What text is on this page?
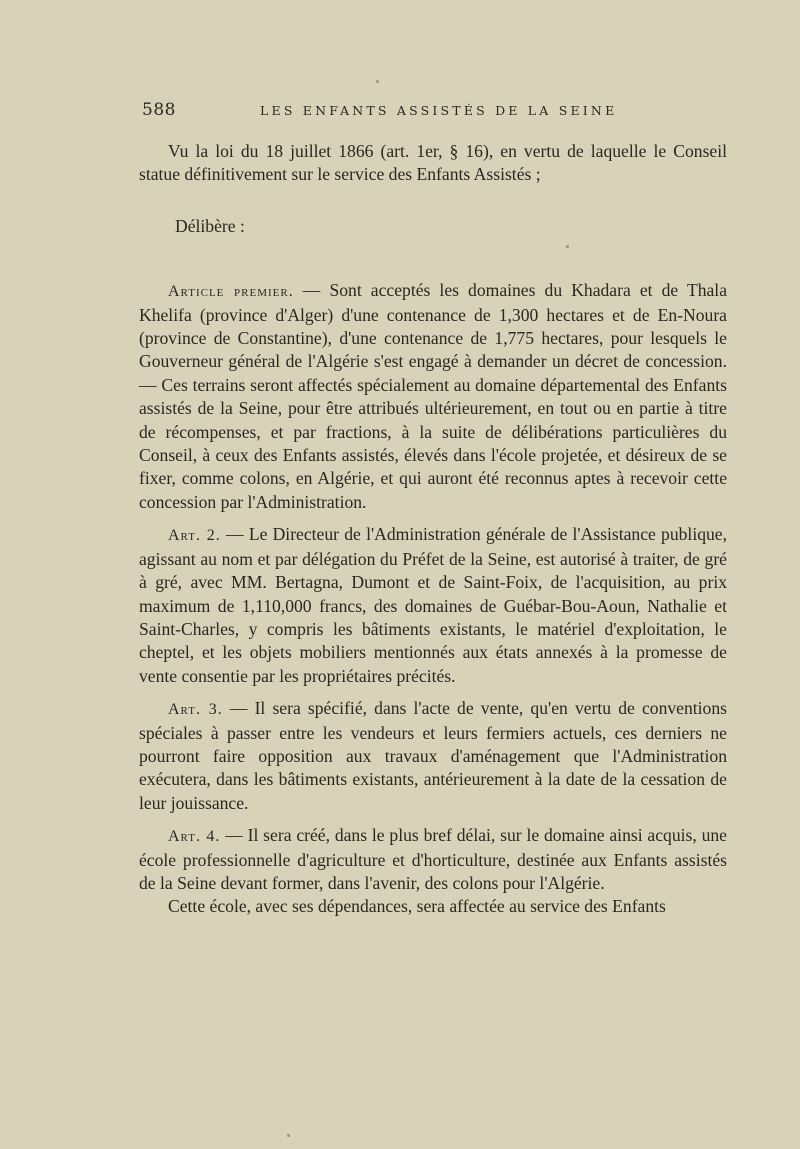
588	LES ENFANTS ASSISTÉS DE LA SEINE

Vu la loi du 18 juillet 1866 (art. 1er, § 16), en vertu de laquelle le Conseil statue définitivement sur le service des Enfants Assistés ;

Délibère :

Article premier. — Sont acceptés les domaines du Khadara et de Thala Khelifa (province d'Alger) d'une contenance de 1,300 hectares et de En-Noura (province de Constantine), d'une contenance de 1,775 hectares, pour lesquels le Gouverneur général de l'Algérie s'est engagé à demander un décret de concession. — Ces terrains seront affectés spécialement au domaine départemental des Enfants assistés de la Seine, pour être attribués ultérieurement, en tout ou en partie à titre de récompenses, et par fractions, à la suite de délibérations particulières du Conseil, à ceux des Enfants assistés, élevés dans l'école projetée, et désireux de se fixer, comme colons, en Algérie, et qui auront été reconnus aptes à recevoir cette concession par l'Administration.

Art. 2. — Le Directeur de l'Administration générale de l'Assistance publique, agissant au nom et par délégation du Préfet de la Seine, est autorisé à traiter, de gré à gré, avec MM. Bertagna, Dumont et de Saint-Foix, de l'acquisition, au prix maximum de 1,110,000 francs, des domaines de Guébar-Bou-Aoun, Nathalie et Saint-Charles, y compris les bâtiments existants, le matériel d'exploitation, le cheptel, et les objets mobiliers mentionnés aux états annexés à la promesse de vente consentie par les propriétaires précités.

Art. 3. — Il sera spécifié, dans l'acte de vente, qu'en vertu de conventions spéciales à passer entre les vendeurs et leurs fermiers actuels, ces derniers ne pourront faire opposition aux travaux d'aménagement que l'Administration exécutera, dans les bâtiments existants, antérieurement à la date de la cessation de leur jouissance.

Art. 4. — Il sera créé, dans le plus bref délai, sur le domaine ainsi acquis, une école professionnelle d'agriculture et d'horticulture, destinée aux Enfants assistés de la Seine devant former, dans l'avenir, des colons pour l'Algérie.

Cette école, avec ses dépendances, sera affectée au service des Enfants
